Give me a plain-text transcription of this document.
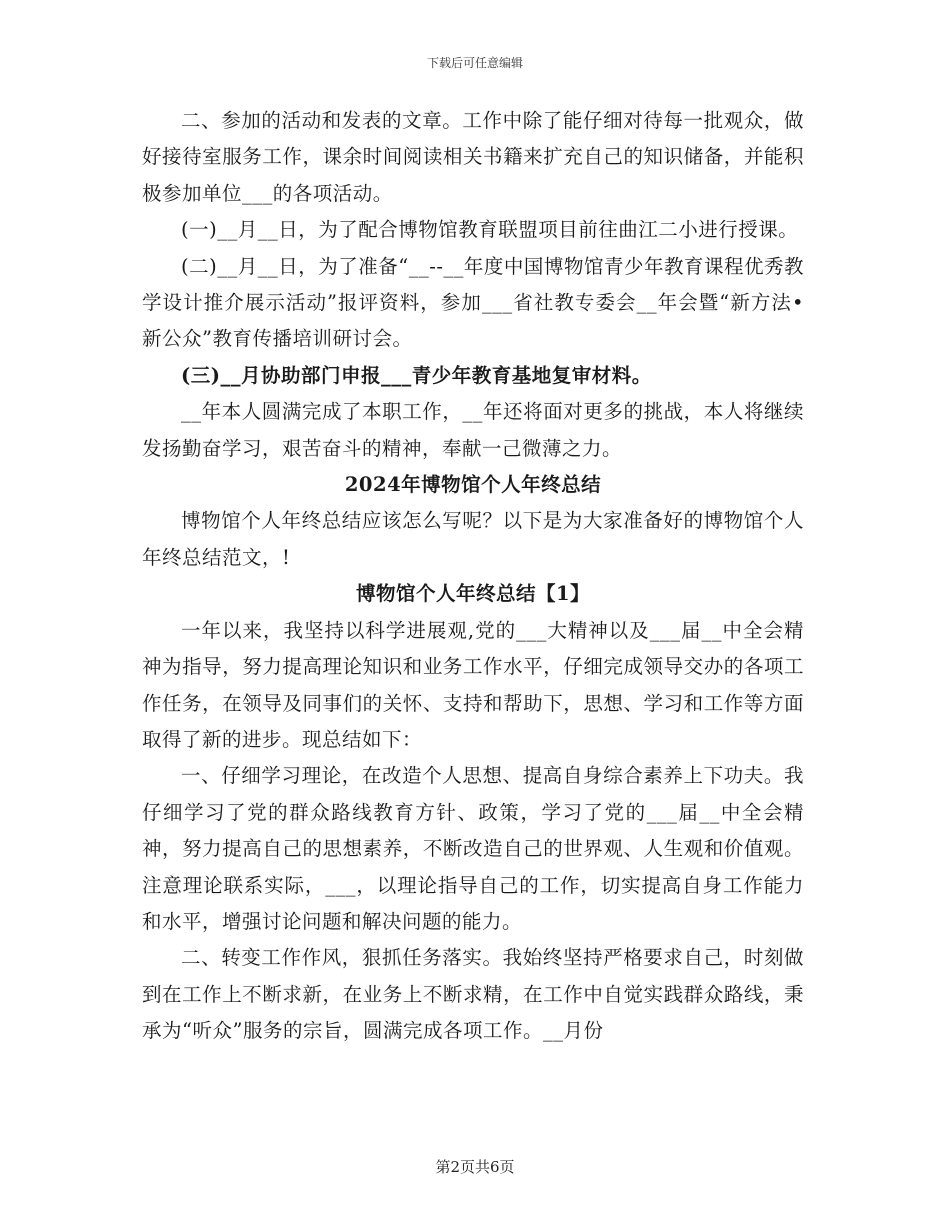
下载后可任意编辑

二、参加的活动和发表的文章。工作中除了能仔细对待每一批观众，做好接待室服务工作，课余时间阅读相关书籍来扩充自己的知识储备，并能积极参加单位___的各项活动。

(一)__月__日，为了配合博物馆教育联盟项目前往曲江二小进行授课。

(二)__月__日，为了准备“__--__年度中国博物馆青少年教育课程优秀教学设计推介展示活动”报评资料，参加___省社教专委会__年会暨“新方法•新公众”教育传播培训研讨会。

(三)__月协助部门申报___青少年教育基地复审材料。

__年本人圆满完成了本职工作，__年还将面对更多的挑战，本人将继续发扬勤奋学习，艰苦奋斗的精神，奉献一己微薄之力。

2024年博物馆个人年终总结

博物馆个人年终总结应该怎么写呢？以下是为大家准备好的博物馆个人年终总结范文，!

博物馆个人年终总结【1】

一年以来，我坚持以科学进展观,党的___大精神以及___届__中全会精神为指导，努力提高理论知识和业务工作水平，仔细完成领导交办的各项工作任务，在领导及同事们的关怀、支持和帮助下，思想、学习和工作等方面取得了新的进步。现总结如下：

一、仔细学习理论，在改造个人思想、提高自身综合素养上下功夫。我仔细学习了党的群众路线教育方针、政策，学习了党的___届__中全会精神，努力提高自己的思想素养，不断改造自己的世界观、人生观和价值观。注意理论联系实际，___，以理论指导自己的工作，切实提高自身工作能力和水平，增强讨论问题和解决问题的能力。

二、转变工作作风，狠抓任务落实。我始终坚持严格要求自己，时刻做到在工作上不断求新，在业务上不断求精，在工作中自觉实践群众路线，秉承为“听众”服务的宗旨，圆满完成各项工作。__月份

第2页共6页
